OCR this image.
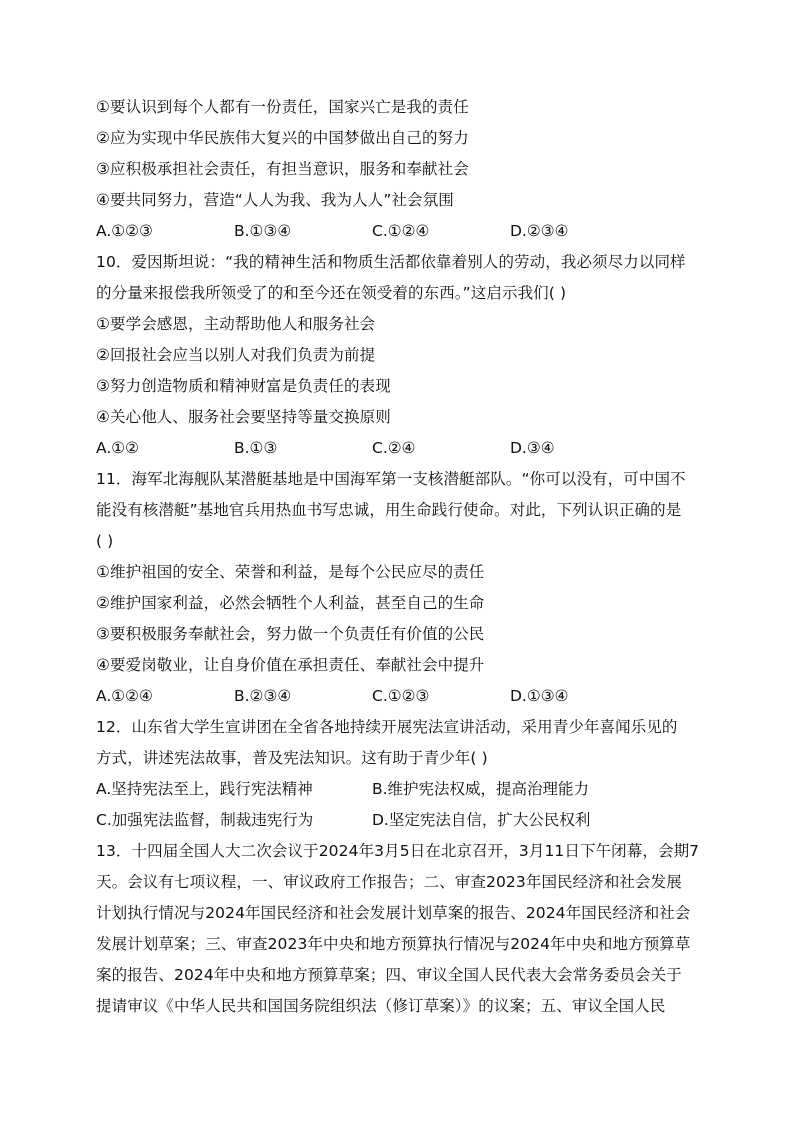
①要认识到每个人都有一份责任，国家兴亡是我的责任
②应为实现中华民族伟大复兴的中国梦做出自己的努力
③应积极承担社会责任，有担当意识，服务和奉献社会
④要共同努力，营造“人人为我、我为人人”社会氛围
A.①②③	B.①③④	C.①②④	D.②③④
10．爱因斯坦说：“我的精神生活和物质生活都依靠着别人的劳动，我必须尽力以同样
的分量来报偿我所领受了的和至今还在领受着的东西。”这启示我们( )
①要学会感恩，主动帮助他人和服务社会
②回报社会应当以别人对我们负责为前提
③努力创造物质和精神财富是负责任的表现
④关心他人、服务社会要坚持等量交换原则
A.①②	B.①③	C.②④	D.③④
11．海军北海舰队某潜艇基地是中国海军第一支核潜艇部队。“你可以没有，可中国不
能没有核潜艇”基地官兵用热血书写忠诚，用生命践行使命。对此，下列认识正确的是
( )
①维护祖国的安全、荣誉和利益，是每个公民应尽的责任
②维护国家利益，必然会牺牲个人利益，甚至自己的生命
③要积极服务奉献社会，努力做一个负责任有价值的公民
④要爱岗敬业，让自身价值在承担责任、奉献社会中提升
A.①②④	B.②③④	C.①②③	D.①③④
12．山东省大学生宣讲团在全省各地持续开展宪法宣讲活动，采用青少年喜闻乐见的
方式，讲述宪法故事，普及宪法知识。这有助于青少年( )
A.坚持宪法至上，践行宪法精神	B.维护宪法权威，提高治理能力
C.加强宪法监督，制裁违宪行为	D.坚定宪法自信，扩大公民权利
13．十四届全国人大二次会议于2024年3月5日在北京召开，3月11日下午闭幕，会期7
天。会议有七项议程，一、审议政府工作报告；二、审查2023年国民经济和社会发展
计划执行情况与2024年国民经济和社会发展计划草案的报告、2024年国民经济和社会
发展计划草案；三、审查2023年中央和地方预算执行情况与2024年中央和地方预算草
案的报告、2024年中央和地方预算草案；四、审议全国人民代表大会常务委员会关于
提请审议《中华人民共和国国务院组织法（修订草案）》的议案；五、审议全国人民
